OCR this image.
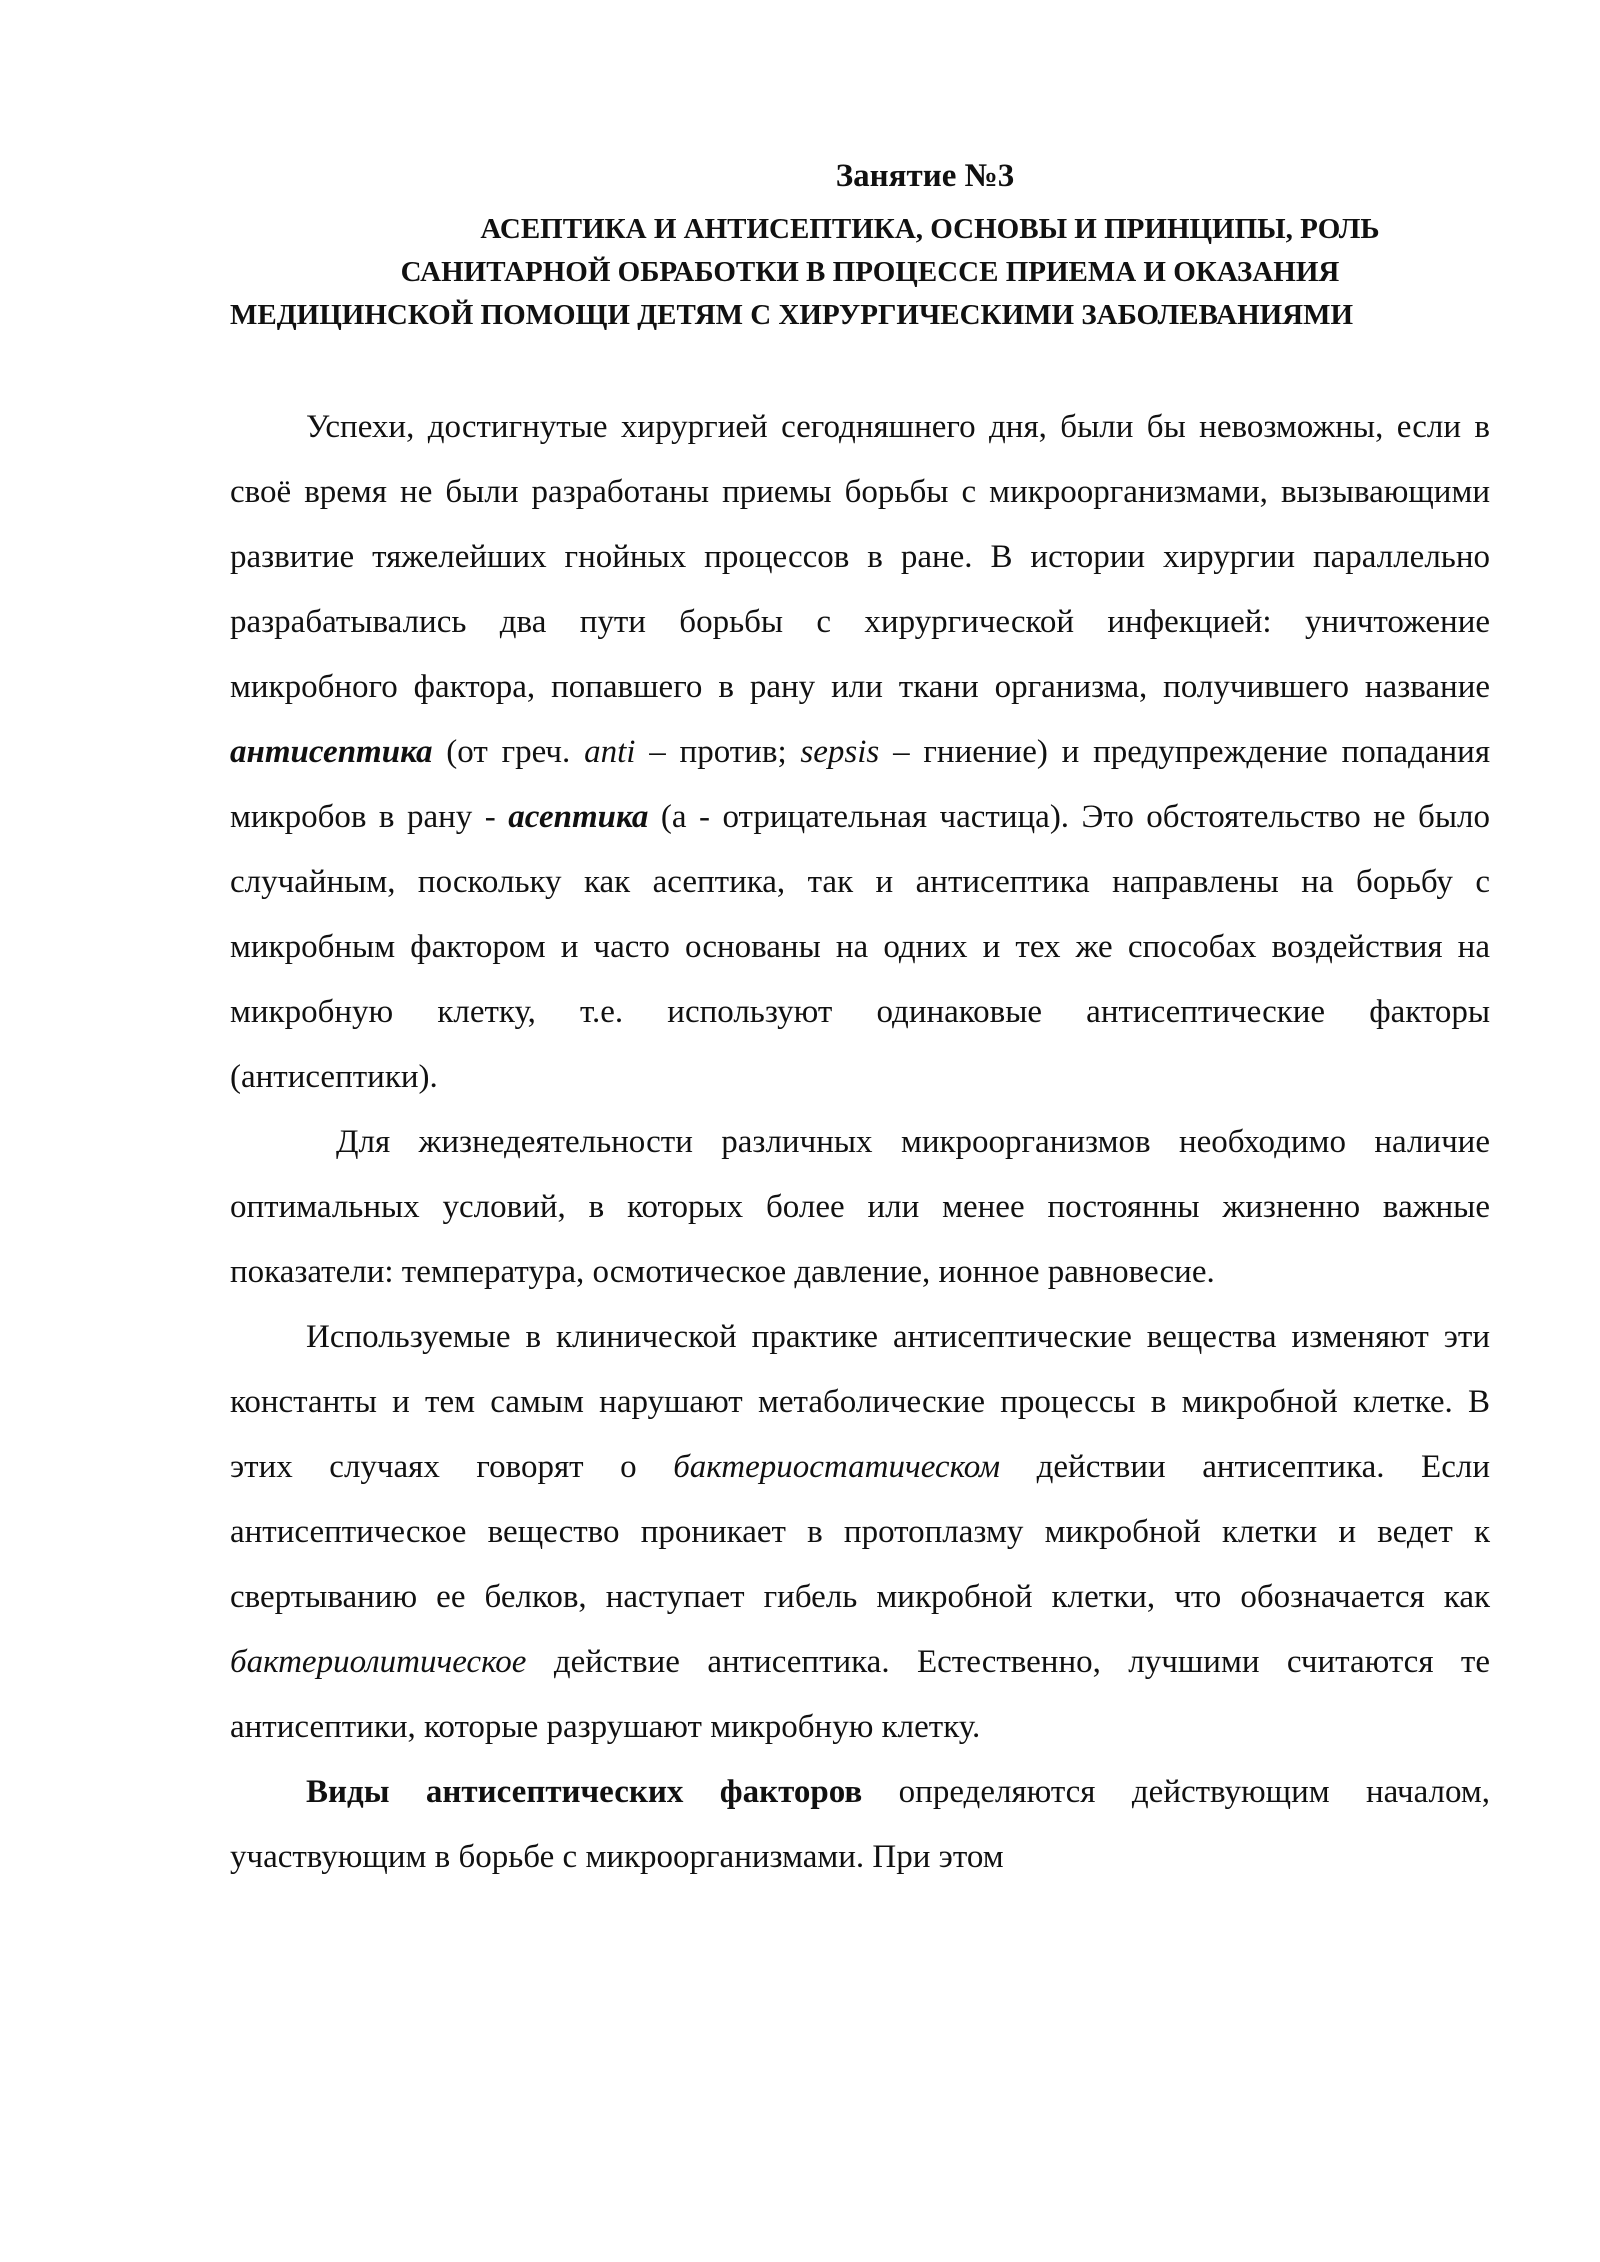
Занятие №3
АСЕПТИКА И АНТИСЕПТИКА, ОСНОВЫ И ПРИНЦИПЫ, РОЛЬ
САНИТАРНОЙ ОБРАБОТКИ В ПРОЦЕССЕ ПРИЕМА И ОКАЗАНИЯ
МЕДИЦИНСКОЙ ПОМОЩИ ДЕТЯМ С ХИРУРГИЧЕСКИМИ ЗАБОЛЕВАНИЯМИ

Успехи, достигнутые хирургией сегодняшнего дня, были бы невозможны, если в своё время не были разработаны приемы борьбы с микроорганизмами, вызывающими развитие тяжелейших гнойных процессов в ране. В истории хирургии параллельно разрабатывались два пути борьбы с хирургической инфекцией: уничтожение микробного фактора, попавшего в рану или ткани организма, получившего название антисептика (от греч. anti – против; sepsis – гниение) и предупреждение попадания микробов в рану - асептика (а - отрицательная частица). Это обстоятельство не было случайным, поскольку как асептика, так и антисептика направлены на борьбу с микробным фактором и часто основаны на одних и тех же способах воздействия на микробную клетку, т.е. используют одинаковые антисептические факторы (антисептики).

Для жизнедеятельности различных микроорганизмов необходимо наличие оптимальных условий, в которых более или менее постоянны жизненно важные показатели: температура, осмотическое давление, ионное равновесие.

Используемые в клинической практике антисептические вещества изменяют эти константы и тем самым нарушают метаболические процессы в микробной клетке. В этих случаях говорят о бактериостатическом действии антисептика. Если антисептическое вещество проникает в протоплазму микробной клетки и ведет к свертыванию ее белков, наступает гибель микробной клетки, что обозначается как бактериолитическое действие антисептика. Естественно, лучшими считаются те антисептики, которые разрушают микробную клетку.

Виды антисептических факторов определяются действующим началом, участвующим в борьбе с микроорганизмами. При этом
